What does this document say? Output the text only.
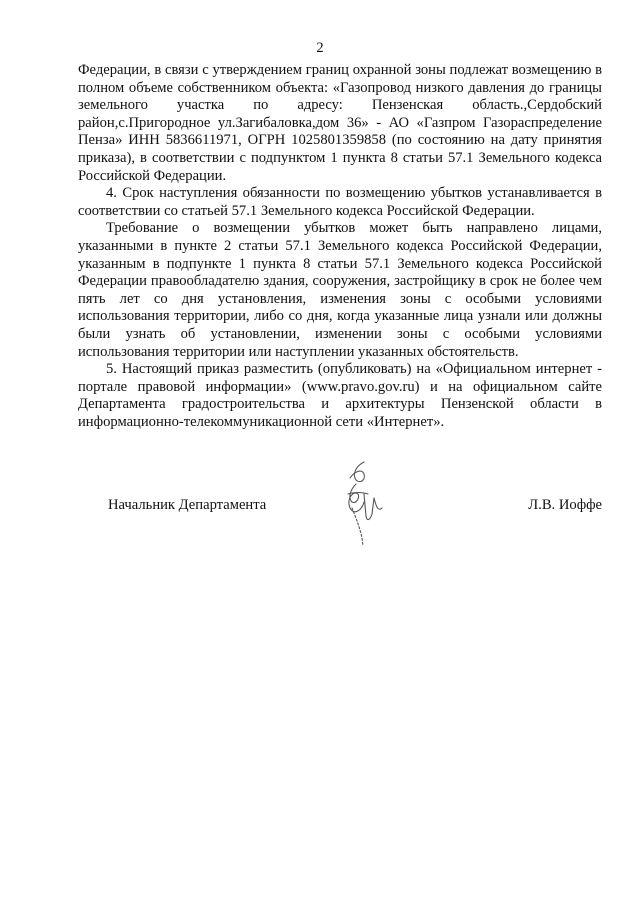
2

Федерации, в связи с утверждением границ охранной зоны подлежат возмещению в полном объеме собственником объекта: «Газопровод низкого давления до границы земельного участка по адресу: Пензенская область.,Сердобский район,с.Пригородное ул.Загибаловка,дом 36» - АО «Газпром Газораспределение Пенза» ИНН 5836611971, ОГРН 1025801359858 (по состоянию на дату принятия приказа), в соответствии с подпунктом 1 пункта 8 статьи 57.1 Земельного кодекса Российской Федерации.

4. Срок наступления обязанности по возмещению убытков устанавливается в соответствии со статьей 57.1 Земельного кодекса Российской Федерации.

Требование о возмещении убытков может быть направлено лицами, указанными в пункте 2 статьи 57.1 Земельного кодекса Российской Федерации, указанным в подпункте 1 пункта 8 статьи 57.1 Земельного кодекса Российской Федерации правообладателю здания, сооружения, застройщику в срок не более чем пять лет со дня установления, изменения зоны с особыми условиями использования территории, либо со дня, когда указанные лица узнали или должны были узнать об установлении, изменении зоны с особыми условиями использования территории или наступлении указанных обстоятельств.

5. Настоящий приказ разместить (опубликовать) на «Официальном интернет - портале правовой информации» (www.pravo.gov.ru) и на официальном сайте Департамента градостроительства и архитектуры Пензенской области в информационно-телекоммуникационной сети «Интернет».

Начальник Департамента	Л.В. Иоффе
